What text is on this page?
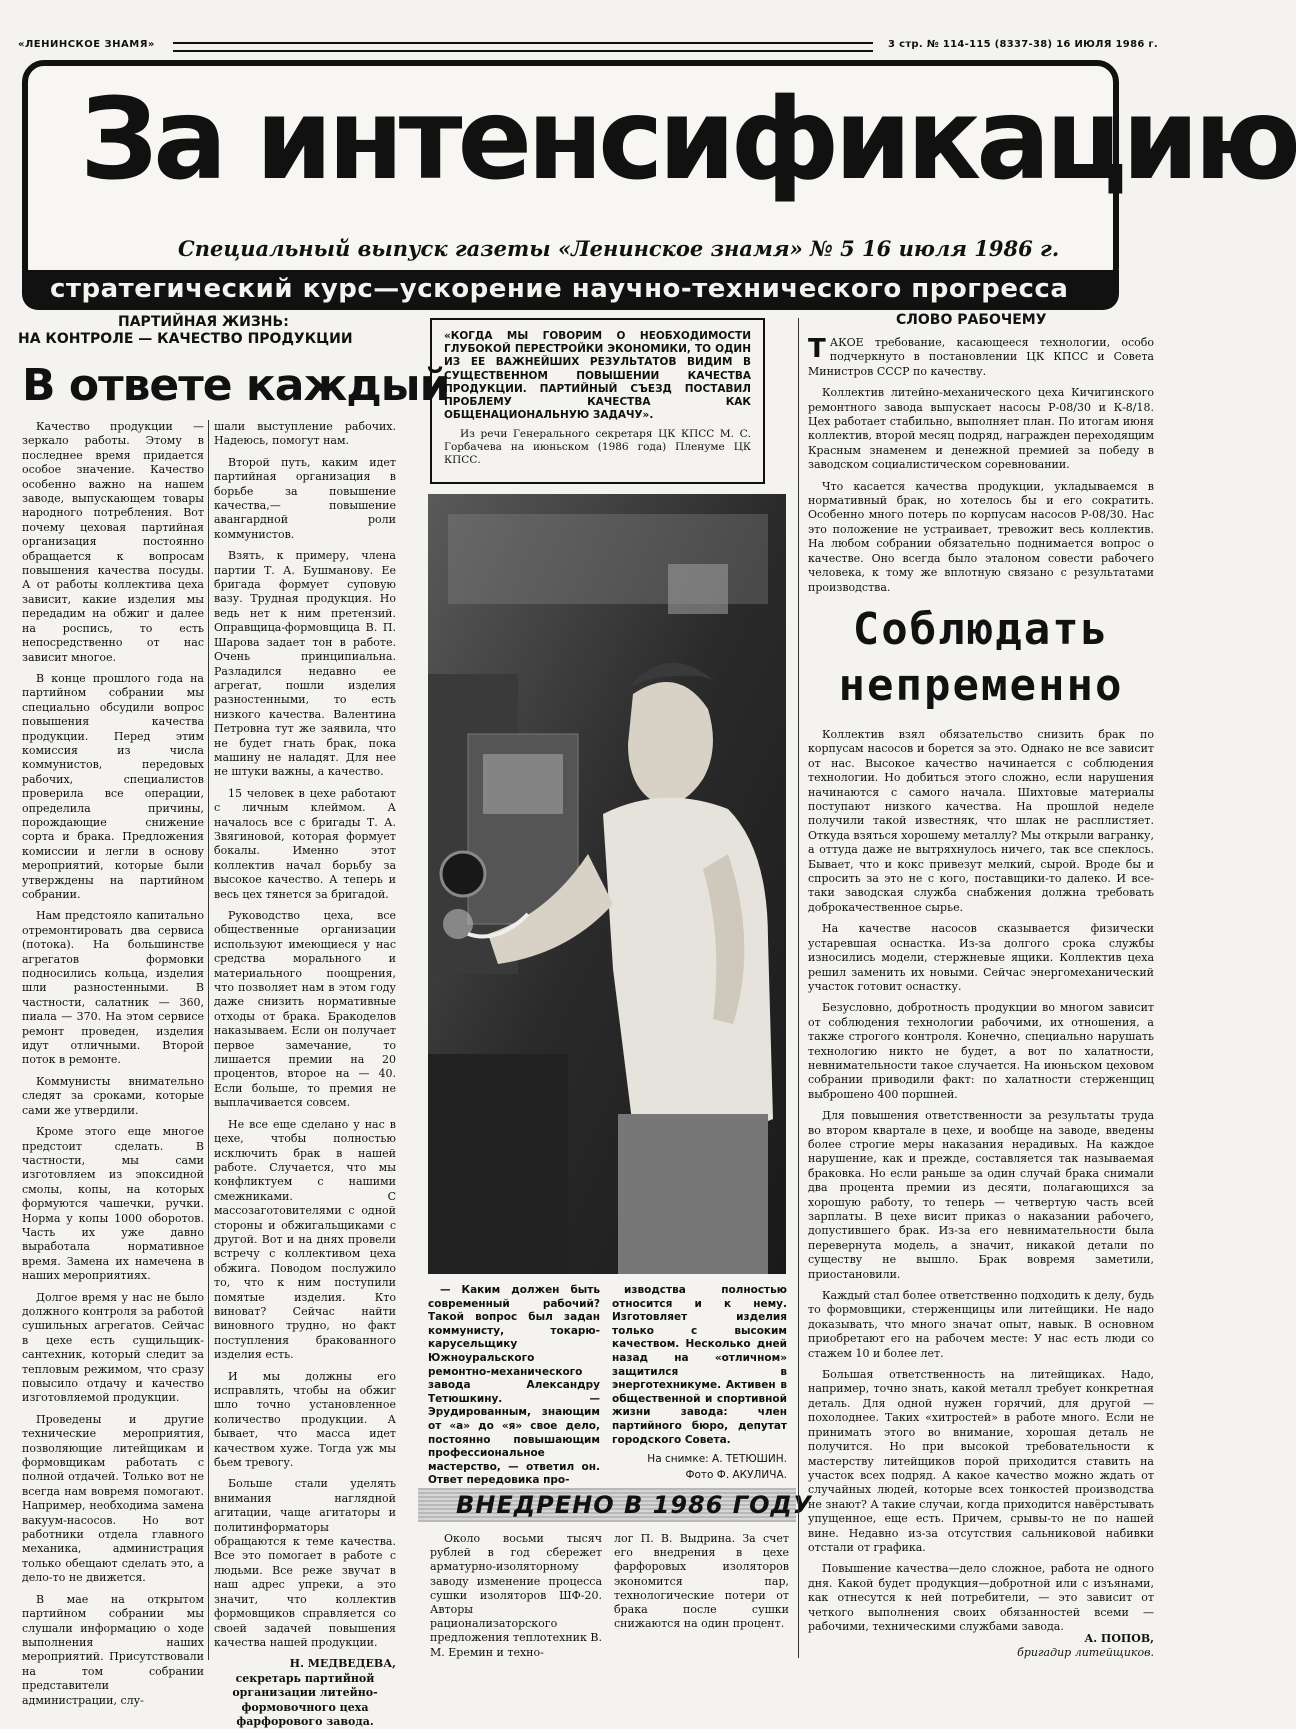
«ЛЕНИНСКОЕ ЗНАМЯ»	3 стр. № 114-115 (8337-38) 16 ИЮЛЯ 1986 г.
За интенсификацию
Специальный выпуск газеты «Ленинское знамя» № 5 16 июля 1986 г.
стратегический курс—ускорение научно-технического прогресса
ПАРТИЙНАЯ ЖИЗНЬ:
НА КОНТРОЛЕ — КАЧЕСТВО ПРОДУКЦИИ
В ответе каждый

Качество продукции — зеркало работы. Этому в последнее время придается особое значение. Качество особенно важно на нашем заводе, выпускающем товары народного потребления. Вот почему цеховая партийная организация постоянно обращается к вопросам повышения качества посуды. А от работы коллектива цеха зависит, какие изделия мы передадим на обжиг и далее на роспись, то есть непосредственно от нас зависит многое.

В конце прошлого года на партийном собрании мы специально обсудили вопрос повышения качества продукции. Перед этим комиссия из числа коммунистов, передовых рабочих, специалистов проверила все операции, определила причины, порождающие снижение сорта и брака. Предложения комиссии и легли в основу мероприятий, которые были утверждены на партийном собрании.

Нам предстояло капитально отремонтировать два сервиса (потока). На большинстве агрегатов формовки подносились кольца, изделия шли разностенными. В частности, салатник — 360, пиала — 370. На этом сервисе ремонт проведен, изделия идут отличными. Второй поток в ремонте.

Коммунисты внимательно следят за сроками, которые сами же утвердили.

Кроме этого еще многое предстоит сделать. В частности, мы сами изготовляем из эпоксидной смолы, копы, на которых формуются чашечки, ручки. Норма у копы 1000 оборотов. Часть их уже давно выработала нормативное время. Замена их намечена в наших мероприятиях.

Долгое время у нас не было должного контроля за работой сушильных агрегатов. Сейчас в цехе есть сущильщик-сантехник, который следит за тепловым режимом, что сразу повысило отдачу и качество изготовляемой продукции.

Проведены и другие технические мероприятия, позволяющие литейщикам и формовщикам работать с полной отдачей. Только вот не всегда нам вовремя помогают. Например, необходима замена вакуум-насосов. Но вот работники отдела главного механика, администрация только обещают сделать это, а дело-то не движется.

В мае на открытом партийном собрании мы слушали информацию о ходе выполнения наших мероприятий. Присутствовали на том собрании представители администрации, слу-

шали выступление рабочих. Надеюсь, помогут нам.

Второй путь, каким идет партийная организация в борьбе за повышение качества,— повышение авангардной роли коммунистов.

Взять, к примеру, члена партии Т. А. Бушманову. Ее бригада формует суповую вазу. Трудная продукция. Но ведь нет к ним претензий. Оправщица-формовщица В. П. Шарова задает тон в работе. Очень принципиальна. Разладился недавно ее агрегат, пошли изделия разностенными, то есть низкого качества. Валентина Петровна тут же заявила, что не будет гнать брак, пока машину не наладят. Для нее не штуки важны, а качество.

15 человек в цехе работают с личным клеймом. А началось все с бригады Т. А. Звягиновой, которая формует бокалы. Именно этот коллектив начал борьбу за высокое качество. А теперь и весь цех тянется за бригадой.

Руководство цеха, все общественные организации используют имеющиеся у нас средства морального и материального поощрения, что позволяет нам в этом году даже снизить нормативные отходы от брака. Бракоделов наказываем. Если он получает первое замечание, то лишается премии на 20 процентов, второе на — 40. Если больше, то премия не выплачивается совсем.

Не все еще сделано у нас в цехе, чтобы полностью исключить брак в нашей работе. Случается, что мы конфликтуем с нашими смежниками. С массозаготовителями с одной стороны и обжигальщиками с другой. Вот и на днях провели встречу с коллективом цеха обжига. Поводом послужило то, что к ним поступили помятые изделия. Кто виноват? Сейчас найти виновного трудно, но факт поступления бракованного изделия есть.

И мы должны его исправлять, чтобы на обжиг шло точно установленное количество продукции. А бывает, что масса идет качеством хуже. Тогда уж мы бьем тревогу.

Больше стали уделять внимания наглядной агитации, чаще агитаторы и политинформаторы обращаются к теме качества. Все это помогает в работе с людьми. Все реже звучат в наш адрес упреки, а это значит, что коллектив формовщиков справляется со своей задачей повышения качества нашей продукции.

Н. МЕДВЕДЕВА,

секретарь партийной организации литейно-формовочного цеха фарфорового завода.

«КОГДА МЫ ГОВОРИМ О НЕОБХОДИМОСТИ ГЛУБОКОЙ ПЕРЕСТРОЙКИ ЭКОНОМИКИ, ТО ОДИН ИЗ ЕЕ ВАЖНЕЙШИХ РЕЗУЛЬТАТОВ ВИДИМ В СУЩЕСТВЕННОМ ПОВЫШЕНИИ КАЧЕСТВА ПРОДУКЦИИ. ПАРТИЙНЫЙ СЪЕЗД ПОСТАВИЛ ПРОБЛЕМУ КАЧЕСТВА КАК ОБЩЕНАЦИОНАЛЬНУЮ ЗАДАЧУ».
Из речи Генерального секретаря ЦК КПСС М. С. Горбачева на июньском (1986 года) Пленуме ЦК КПСС.

— Каким должен быть современный рабочий? Такой вопрос был задан коммунисту, токарю-карусельщику Южноуральского ремонтно-механического завода Александру Тетюшкину. — Эрудированным, знающим от «а» до «я» свое дело, постоянно повышающим профессиональное мастерство, — ответил он. Ответ передовика про-

изводства полностью относится и к нему. Изготовляет изделия только с высоким качеством. Несколько дней назад на «отличном» защитился в энерготехникуме. Активен в общественной и спортивной жизни завода: член партийного бюро, депутат городского Совета.

На снимке: А. ТЕТЮШИН.

Фото Ф. АКУЛИЧА.

ВНЕДРЕНО В 1986 ГОДУ

Около восьми тысяч рублей в год сбережет арматурно-изоляторному заводу изменение процесса сушки изоляторов ШФ-20. Авторы рационализаторского предложения теплотехник В. М. Еремин и техно-

лог П. В. Выдрина. За счет его внедрения в цехе фарфоровых изоляторов экономится пар, технологические потери от брака после сушки снижаются на один процент.

СЛОВО РАБОЧЕМУ

ТАКОЕ требование, касающееся технологии, особо подчеркнуто в постановлении ЦК КПСС и Совета Министров СССР по качеству.

Коллектив литейно-механического цеха Кичигинского ремонтного завода выпускает насосы Р-08/30 и К-8/18. Цех работает стабильно, выполняет план. По итогам июня коллектив, второй месяц подряд, награжден переходящим Красным знаменем и денежной премией за победу в заводском социалистическом соревновании.

Что касается качества продукции, укладываемся в нормативный брак, но хотелось бы и его сократить. Особенно много потерь по корпусам насосов Р-08/30. Нас это положение не устраивает, тревожит весь коллектив. На любом собрании обязательно поднимается вопрос о качестве. Оно всегда было эталоном совести рабочего человека, к тому же вплотную связано с результатами производства.

Соблюдать непременно

Коллектив взял обязательство снизить брак по корпусам насосов и борется за это. Однако не все зависит от нас. Высокое качество начинается с соблюдения технологии. Но добиться этого сложно, если нарушения начинаются с самого начала. Шихтовые материалы поступают низкого качества. На прошлой неделе получили такой известняк, что шлак не расплистяет. Откуда взяться хорошему металлу? Мы открыли вагранку, а оттуда даже не вытряхнулось ничего, так все спеклось. Бывает, что и кокс привезут мелкий, сырой. Вроде бы и спросить за это не с кого, поставщики-то далеко. И все-таки заводская служба снабжения должна требовать доброкачественное сырье.

На качестве насосов сказывается физически устаревшая оснастка. Из-за долгого срока службы износились модели, стержневые ящики. Коллектив цеха решил заменить их новыми. Сейчас энергомеханический участок готовит оснастку.

Безусловно, добротность продукции во многом зависит от соблюдения технологии рабочими, их отношения, а также строгого контроля. Конечно, специально нарушать технологию никто не будет, а вот по халатности, невнимательности такое случается. На июньском цеховом собрании приводили факт: по халатности стерженщиц выброшено 400 поршней.

Для повышения ответственности за результаты труда во втором квартале в цехе, и вообще на заводе, введены более строгие меры наказания нерадивых. На каждое нарушение, как и прежде, составляется так называемая браковка. Но если раньше за один случай брака снимали два процента премии из десяти, полагающихся за хорошую работу, то теперь — четвертую часть всей зарплаты. В цехе висит приказ о наказании рабочего, допустившего брак. Из-за его невнимательности была перевернута модель, а значит, никакой детали по существу не вышло. Брак вовремя заметили, приостановили.

Каждый стал более ответственно подходить к делу, будь то формовщики, стерженщицы или литейщики. Не надо доказывать, что много значат опыт, навык. В основном приобретают его на рабочем месте: У нас есть люди со стажем 10 и более лет.

Большая ответственность на литейщиках. Надо, например, точно знать, какой металл требует конкретная деталь. Для одной нужен горячий, для другой — похолоднее. Таких «хитростей» в работе много. Если не принимать этого во внимание, хорошая деталь не получится. Но при высокой требовательности к мастерству литейщиков порой приходится ставить на участок всех подряд. А какое качество можно ждать от случайных людей, которые всех тонкостей производства не знают? А такие случаи, когда приходится навёрстывать упущенное, еще есть. Причем, срывы-то не по нашей вине. Недавно из-за отсутствия сальниковой набивки отстали от графика.

Повышение качества—дело сложное, работа не одного дня. Какой будет продукция—добротной или с изъянами, как отнесутся к ней потребители, — это зависит от четкого выполнения своих обязанностей всеми — рабочими, техническими службами завода.

А. ПОПОВ,
бригадир литейщиков.
